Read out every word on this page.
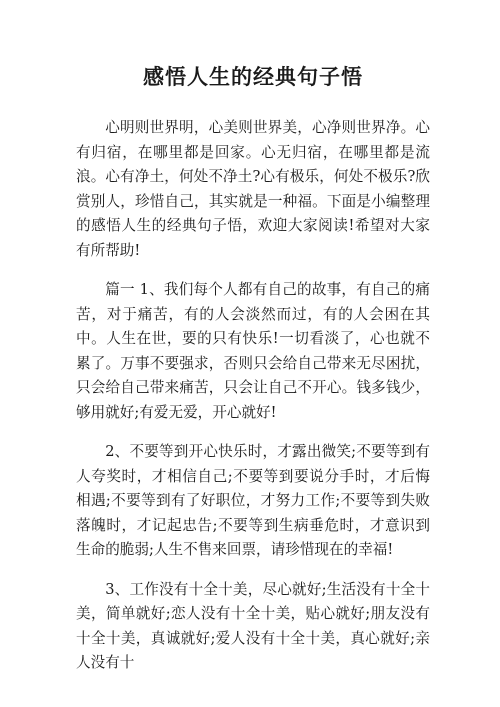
感悟人生的经典句子悟

心明则世界明，心美则世界美，心净则世界净。心有归宿，在哪里都是回家。心无归宿，在哪里都是流浪。心有净土，何处不净土?心有极乐，何处不极乐?欣赏别人，珍惜自己，其实就是一种福。下面是小编整理的感悟人生的经典句子悟，欢迎大家阅读!希望对大家有所帮助!

篇一 1、我们每个人都有自己的故事，有自己的痛苦，对于痛苦，有的人会淡然而过，有的人会困在其中。人生在世，要的只有快乐!一切看淡了，心也就不累了。万事不要强求，否则只会给自己带来无尽困扰，只会给自己带来痛苦，只会让自己不开心。钱多钱少，够用就好;有爱无爱，开心就好!

2、不要等到开心快乐时，才露出微笑;不要等到有人夸奖时，才相信自己;不要等到要说分手时，才后悔相遇;不要等到有了好职位，才努力工作;不要等到失败落魄时，才记起忠告;不要等到生病垂危时，才意识到生命的脆弱;人生不售来回票，请珍惜现在的幸福!

3、工作没有十全十美，尽心就好;生活没有十全十美，简单就好;恋人没有十全十美，贴心就好;朋友没有十全十美，真诚就好;爱人没有十全十美，真心就好;亲人没有十
